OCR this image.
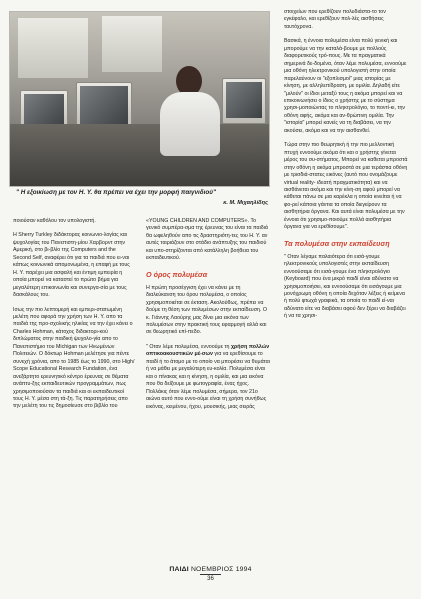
" Η εξοικίωση με τον Η. Υ. θα πρέπει να έχει την μορφή παιγνιδιού"
κ. Μ. Μιχαηλίδης

ποιούσαν καθόλου τον υπολογιστή.

Η Sherry Turkley διδάκτορας κοινωνιο-λογίας και ψυχολογίας του Πανεπιστη-μίου Χαρβορντ στην Αμερική, στο βι-βλίο της Computers and the Second Self, αναφέρει ότι για τα παιδιά που ει-ναι κάπως κοινωνικά απομονωμένα, η επαφή με τους Η. Υ. παρέχει μια ασφαλή και έντιμη εμπειρία η οποία μπορεί να καταστεί το πρώτο βήμα για μεγαλύτερη επικοινωνία και συνεργα-σία με τους δασκάλους του.

Ισως την πιο λεπτομερή και εμπερι-στατωμένη μελέτη που αφορά την χρήση των Η. Υ. απο τα παιδιά της προ-σχολικής ηλικίας να την έχει κάνει ο Charles Hohman, κάτοχος διδακτορι-κού διπλώματος στην παιδική ψυχολο-γία απο το Πανεπιστήμιο του Michigan των Ηνωμένων Πολιτειών. Ο δόκτωρ Hohman μελέτησε για πέντε συνεχή χρόνια, απο το 1985 έως το 1990, στο High/ Scope Educational Research Fundation, ένα ανεξάρτητο ερευνητικό κέντρο έρευνας σε θέματα ανάπτυ-ξης εκπαιδευτικών προγραμμάτων, πως χρησιμοποιούσαν τα παιδιά και οι εκπαιδευτικοί τους Η. Υ. μέσα στη τά-ξη. Τις παρατηρήσεις απο την μελέτη του τις δημοσίευσε στο βιβλίο του

«YOUNG CHILDREN AND COMPUTERS». Το γενικό συμπέρα-σμα της έρευνας του είναι τα παιδιά θα ωφεληθούν απο τις δραστηριότη-τες του Η. Υ. αν αυτές ταιριάζουν στο στάδιο ανάπτυξης του παιδιού και υπο-στηρίζονται από κατάλληλη βοήθεια του εκπαιδευτικού.

Ο όρος πολυμέσα

Η πρώτη προσέγγιση έχει να κάνει με τη διαλεύκανση του όρου πολυμέσα, ο οποίος χρησιμοποιείται σε έκταση. Ακολούθως, πρέπει να δούμε τη θέση των πολυμέσων στην εκπαίδευση. Ο κ. Γιάννης Λαούρης μας δίνει μια εικόνα των πολυμέσων στην πρακτική τους εφαρμογή αλλά και σε θεωρητικό επί-πεδο.

" Οταν λέμε πολυμέσα, εννοούμε τη χρήση πολλών οπτικοακουστικών μέ-σων για να ερεθίσουμε το παιδί ή το άτομο με το οποίο να μπορέσει να θυμάται ή να μάθει με μεγαλύτερη ευ-κολία. Πολυμέσα είναι και ο πίνακας και η κίνηση, η ομιλία, και μια εικόνα που θα δείξουμε με φωτογραφία, ένας ήχος. Πολλάκις όταν λέμε πολυμέσα, σήμερα, τον 21ο αιώνα αυτό που εννο-ούμε είναι τη χρήση συνήθως εικόνας, κειμένου, ήχου, μουσικής, μιας σειράς

στοιχείων που ερεθίζουν πολυδιάστα-το τον εγκέφαλο, και ερεθίζουν πολ-λές αισθήσεις ταυτόχρονα.

Βασικά, η έννοια πολυμέσα είναι πολύ γενική και μπορούμε να την καταλά-βουμε με πολλούς διαφορετικούς τρό-πους. Με τα πραγματικά σημερινά δε-δομένα, όταν λέμε πολυμέσα, εννοούμε μια οθόνη ηλεκτρονικού υπολογιστή στην οποία παρελαύνουν οι "εξοπλισμοί" μιας ιστορίας με κίνηση, με αλληλεπίδραση, με ομιλία. Δηλαδή είτε "μιλούν" οι ίδιοι μεταξύ τους η ακόμα μπορεί και να επικοινωνήσει ο ίδιος ο χρήστης με το σύστημα χρησι-μοποιώντας το πληκτρολόγιο, το ποντί-κι, την οθόνη αφής, ακόμα και αν-θρώπινη ομιλία. Την "ιστορία" μπορεί κανείς να τη διαβάσει, να την ακούσει, ακόμα και να την αισθανθεί.

Τώρα στην πιο θεωρητική ή την πιο μελλοντική πτυχή εννοούμε ακόμα ότι και ο χρήστης γίνεται μέρος του συ-στήματος. Μπορεί να καθεται μπροστά στην οθόνη η ακόμα μπροστά σε μια τεράστια οθόνη με τρισδιά-στατες εικόνες (αυτό που ονομάζουμε virtual reality- ιδεατή πραγματικότητα) και να αισθάνεται ακόμα και την κίνη-ση αφού μπορεί να κάθεται πάνω σε μια καρέκλα η οποία κινείται ή να φο-ρεί κάποια γάντια τα οποία διεγείρουν τα αισθητήρια όργανα. Και αυτά είναι πολυμέσα με την έννοια ότι χρησιμο-ποιούμε πολλά αισθητήρια όργανα για να ερεθίσουμε".

Τα πολυμέσα στην εκπαίδευση

" Οταν λέγαμε παλαιότερα ότι εισά-γουμε ηλεκτρονικούς υπολογιστές στην εκπαίδευση εννοούσαμε ότι εισά-γουμε ένα πληκτρολόγιο (Keyboard) που ένα μικρό παιδί είναι αδύνατο να χρησιμοποιήσει, και εννοούσαμε ότι εισάγουμε μια μονόχρωμη οθόνη η οποία δεχόταν λέξεις ή κείμενα ή πολύ φτωχά γραφικά, τα οποία το παιδί εί-ναι αδύνατο είτε να διαβάσει αφού δεν ξέρει να διαβάζει ή να τα χρησι-

ΠΑΙΔΙ ΝΟΕΜΒΡΙΟΣ 1994
36
